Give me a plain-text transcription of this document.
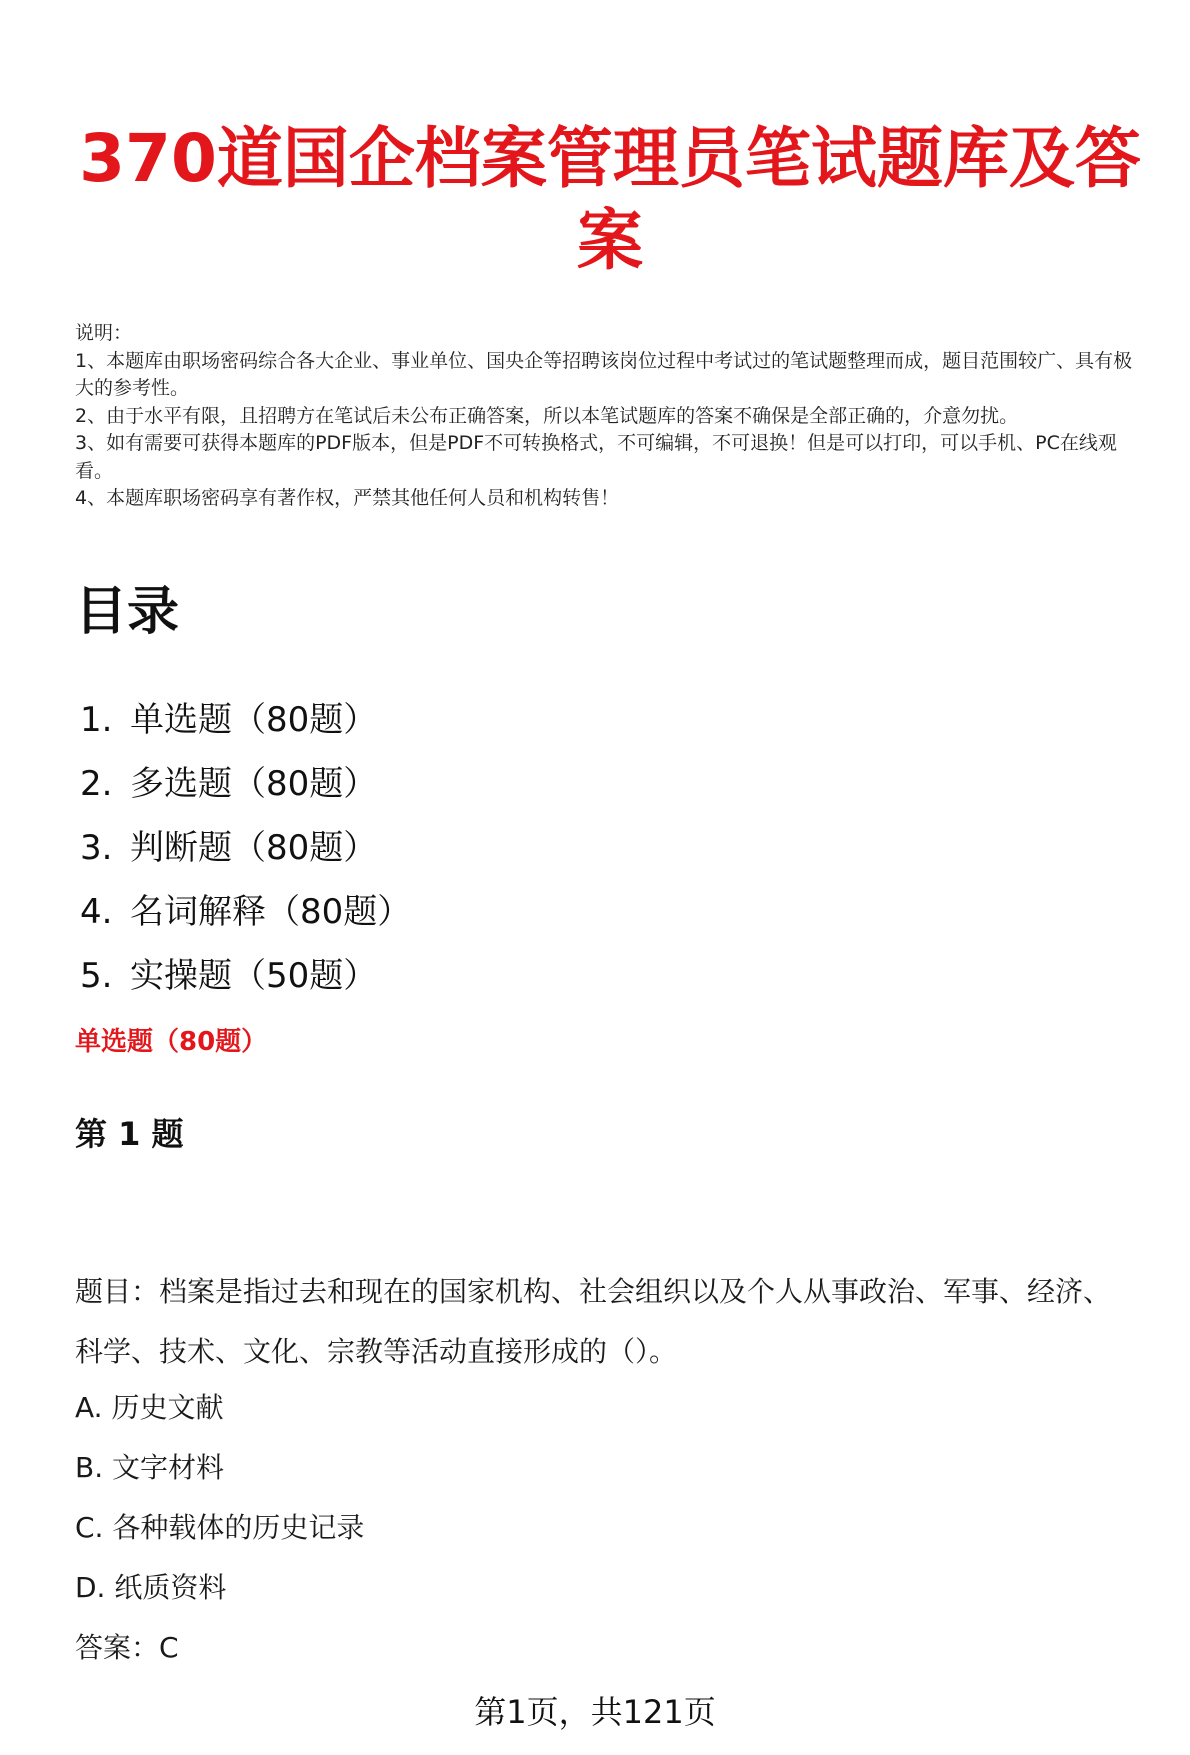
370道国企档案管理员笔试题库及答案

说明：

1、本题库由职场密码综合各大企业、事业单位、国央企等招聘该岗位过程中考试过的笔试题整理而成，题目范围较广、具有极大的参考性。

2、由于水平有限，且招聘方在笔试后未公布正确答案，所以本笔试题库的答案不确保是全部正确的，介意勿扰。

3、如有需要可获得本题库的PDF版本，但是PDF不可转换格式，不可编辑，不可退换！但是可以打印，可以手机、PC在线观看。

4、本题库职场密码享有著作权，严禁其他任何人员和机构转售！

目录
1. 单选题（80题）
2. 多选题（80题）
3. 判断题（80题）
4. 名词解释（80题）
5. 实操题（50题）
单选题（80题）
第 1 题
题目：档案是指过去和现在的国家机构、社会组织以及个人从事政治、军事、经济、科学、技术、文化、宗教等活动直接形成的（）。
A. 历史文献
B. 文字材料
C. 各种载体的历史记录
D. 纸质资料
答案：C
第1页，共121页
